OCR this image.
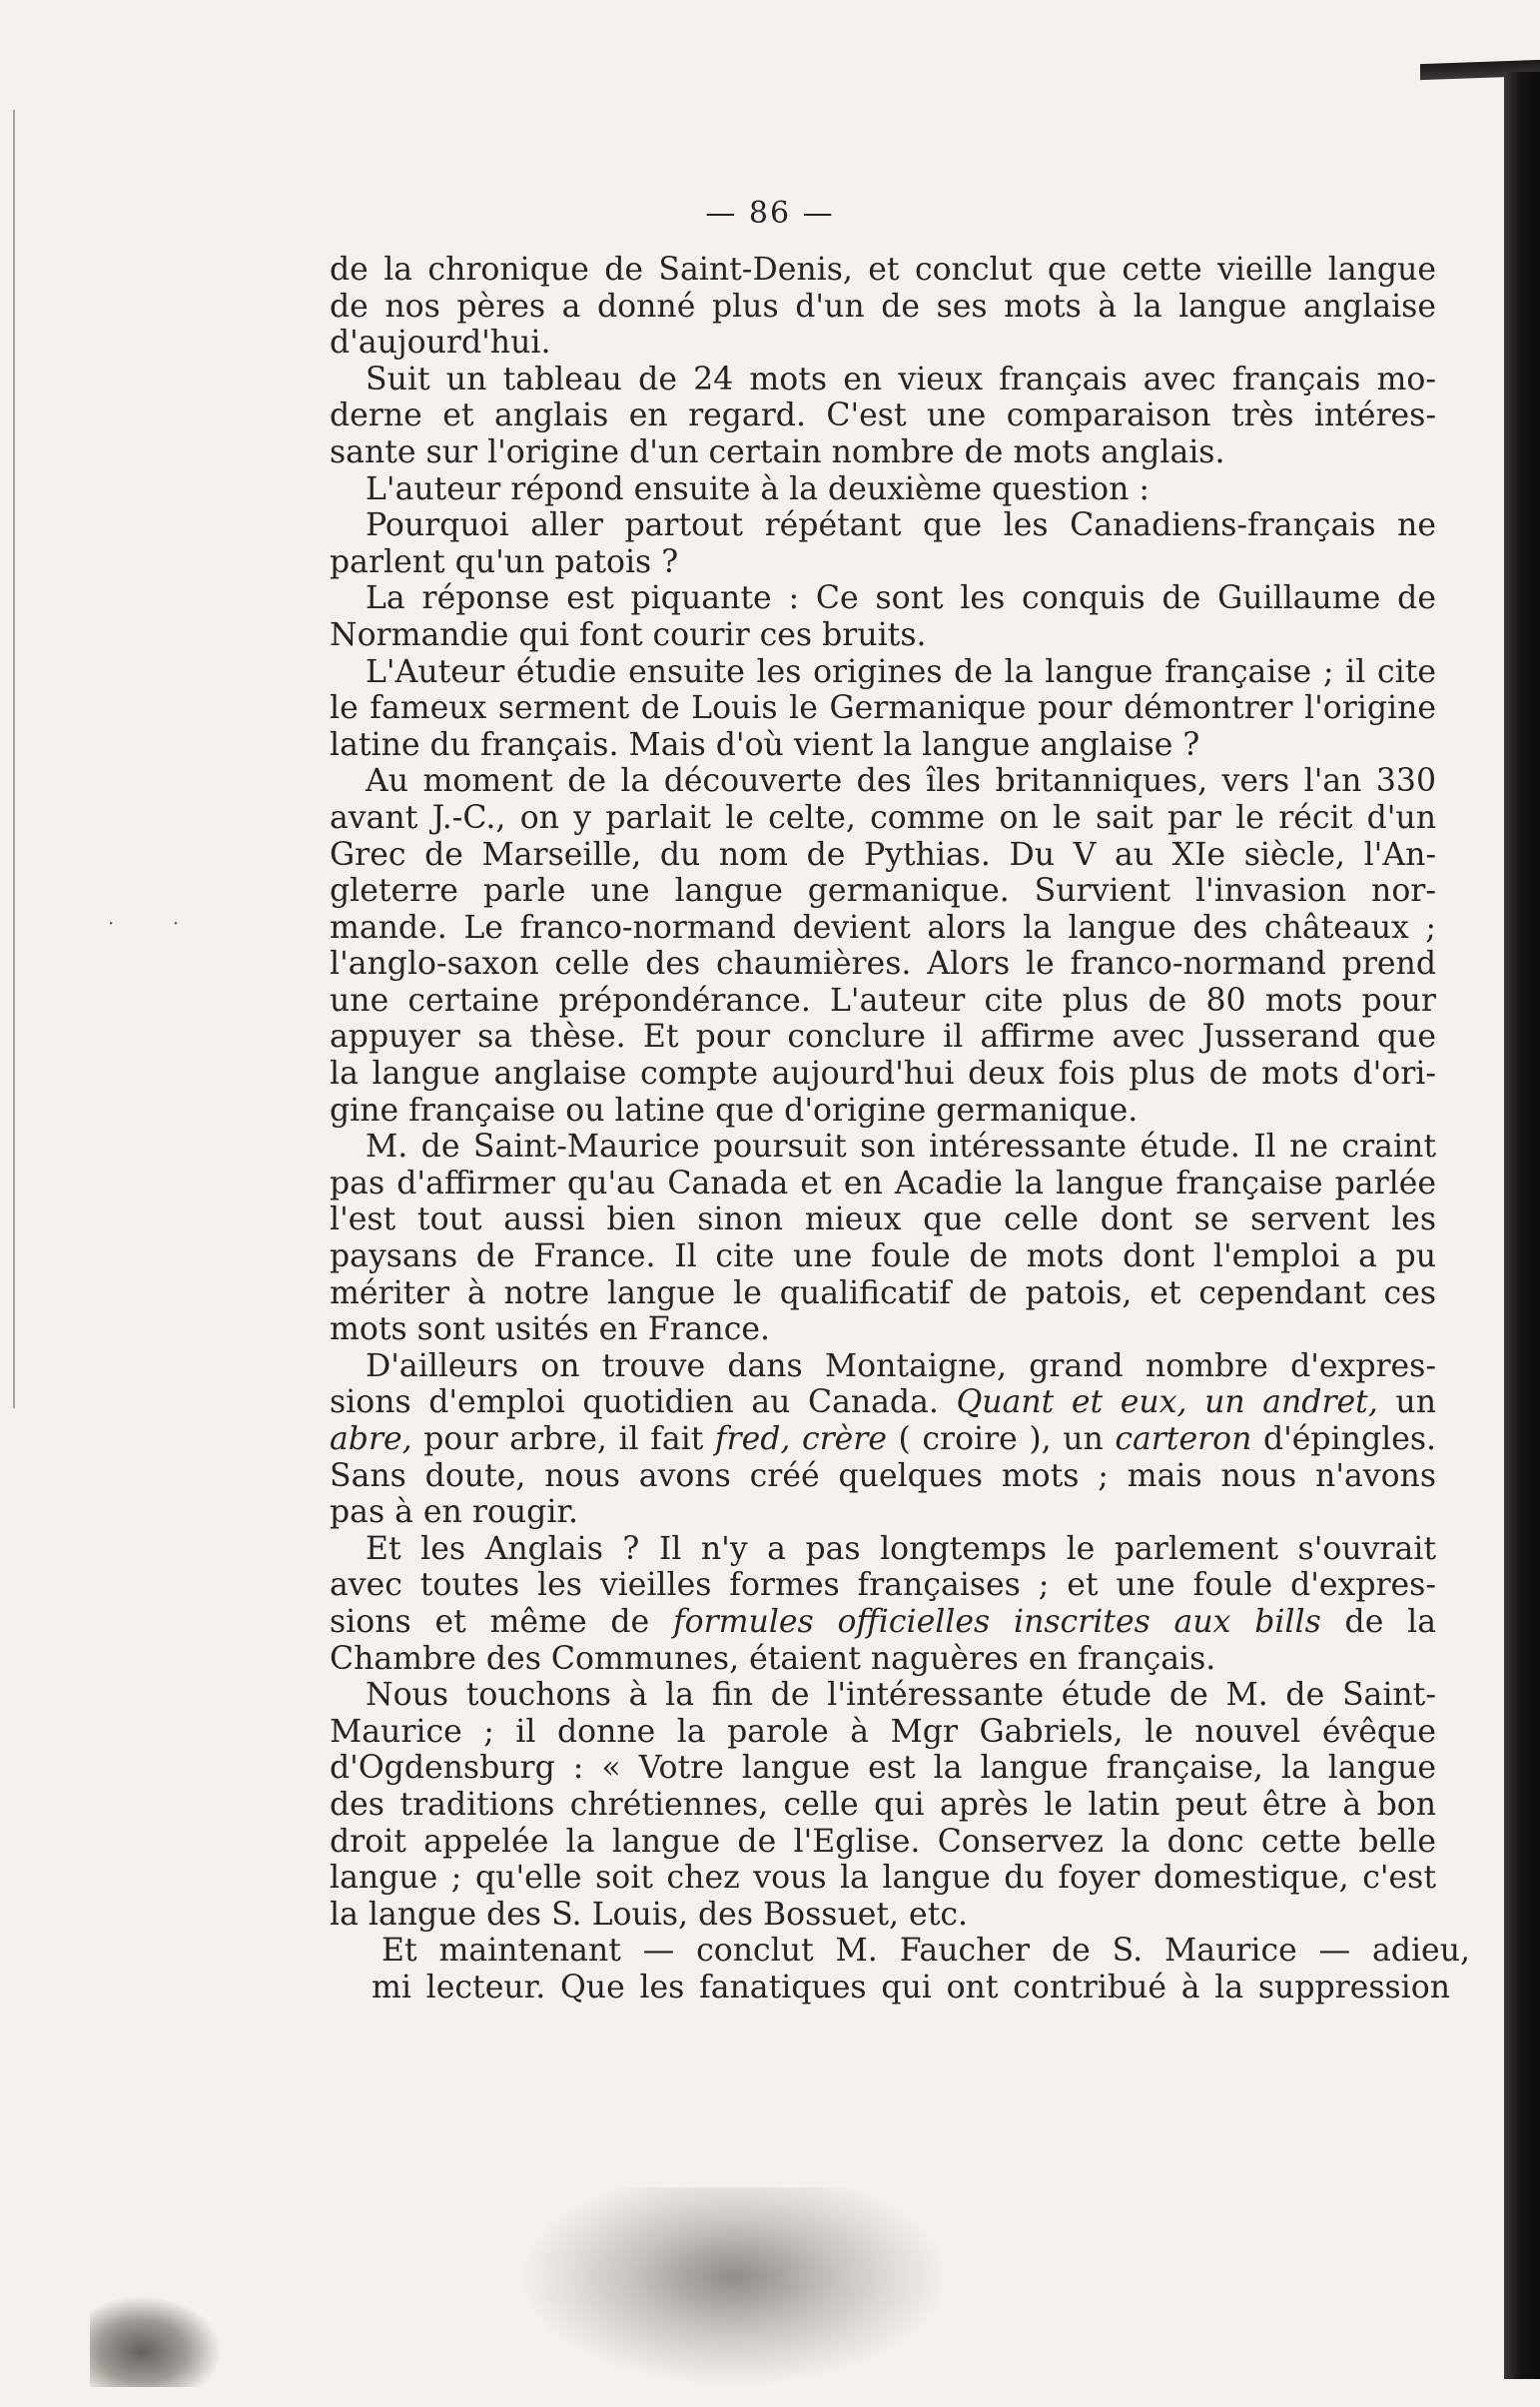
· ·
— 86 —
de la chronique de Saint-Denis, et conclut que cette vieille langue
de nos pères a donné plus d'un de ses mots à la langue anglaise
d'aujourd'hui.
Suit un tableau de 24 mots en vieux français avec français mo-
derne et anglais en regard. C'est une comparaison très intéres-
sante sur l'origine d'un certain nombre de mots anglais.
L'auteur répond ensuite à la deuxième question :
Pourquoi aller partout répétant que les Canadiens-français ne
parlent qu'un patois ?
La réponse est piquante : Ce sont les conquis de Guillaume de
Normandie qui font courir ces bruits.
L'Auteur étudie ensuite les origines de la langue française ; il cite
le fameux serment de Louis le Germanique pour démontrer l'origine
latine du français. Mais d'où vient la langue anglaise ?
Au moment de la découverte des îles britanniques, vers l'an 330
avant J.-C., on y parlait le celte, comme on le sait par le récit d'un
Grec de Marseille, du nom de Pythias. Du V au XIe siècle, l'An-
gleterre parle une langue germanique. Survient l'invasion nor-
mande. Le franco-normand devient alors la langue des châteaux ;
l'anglo-saxon celle des chaumières. Alors le franco-normand prend
une certaine prépondérance. L'auteur cite plus de 80 mots pour
appuyer sa thèse. Et pour conclure il affirme avec Jusserand que
la langue anglaise compte aujourd'hui deux fois plus de mots d'ori-
gine française ou latine que d'origine germanique.
M. de Saint-Maurice poursuit son intéressante étude. Il ne craint
pas d'affirmer qu'au Canada et en Acadie la langue française parlée
l'est tout aussi bien sinon mieux que celle dont se servent les
paysans de France. Il cite une foule de mots dont l'emploi a pu
mériter à notre langue le qualificatif de patois, et cependant ces
mots sont usités en France.
D'ailleurs on trouve dans Montaigne, grand nombre d'expres-
sions d'emploi quotidien au Canada. Quant et eux, un andret, un
abre, pour arbre, il fait fred, crère ( croire ), un carteron d'épingles.
Sans doute, nous avons créé quelques mots ; mais nous n'avons
pas à en rougir.
Et les Anglais ? Il n'y a pas longtemps le parlement s'ouvrait
avec toutes les vieilles formes françaises ; et une foule d'expres-
sions et même de formules officielles inscrites aux bills de la
Chambre des Communes, étaient naguères en français.
Nous touchons à la fin de l'intéressante étude de M. de Saint-
Maurice ; il donne la parole à Mgr Gabriels, le nouvel évêque
d'Ogdensburg : « Votre langue est la langue française, la langue
des traditions chrétiennes, celle qui après le latin peut être à bon
droit appelée la langue de l'Eglise. Conservez la donc cette belle
langue ; qu'elle soit chez vous la langue du foyer domestique, c'est
la langue des S. Louis, des Bossuet, etc.
Et maintenant — conclut M. Faucher de S. Maurice — adieu,
mi lecteur. Que les fanatiques qui ont contribué à la suppression
